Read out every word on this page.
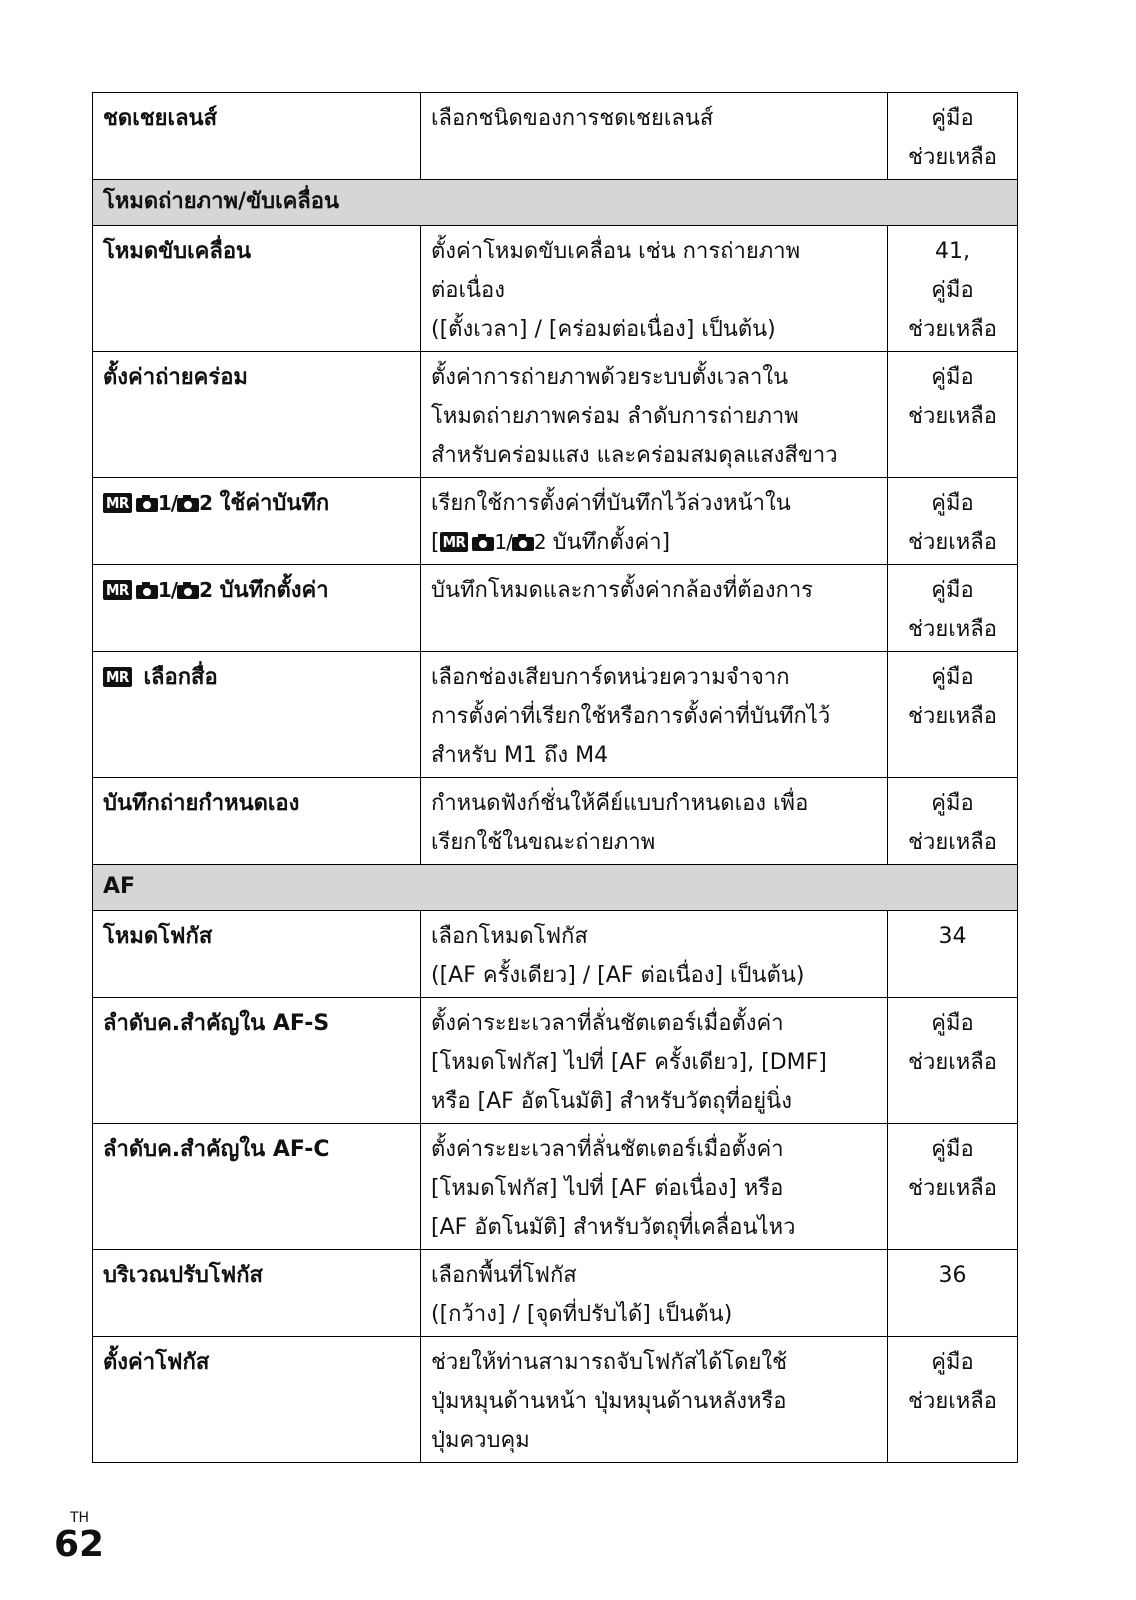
ชดเชยเลนส์	เลือกชนิดของการชดเชยเลนส์	คู่มือ
ช่วยเหลือ

โหมดถ่ายภาพ/ขับเคลื่อน		
โหมดขับเคลื่อน	ตั้งค่าโหมดขับเคลื่อน เช่น การถ่ายภาพ
ต่อเนื่อง
([ตั้งเวลา] / [คร่อมต่อเนื่อง] เป็นต้น)	41,
คู่มือ
ช่วยเหลือ

ตั้งค่าถ่ายคร่อม	ตั้งค่าการถ่ายภาพด้วยระบบตั้งเวลาใน
โหมดถ่ายภาพคร่อม ลำดับการถ่ายภาพ
สำหรับคร่อมแสง และคร่อมสมดุลแสงสีขาว	คู่มือ
ช่วยเหลือ

MR 1/ 2 ใช้ค่าบันทึก	เรียกใช้การตั้งค่าที่บันทึกไว้ล่วงหน้าใน
[ MR 1/ 2 บันทึกตั้งค่า]	คู่มือ
ช่วยเหลือ

MR 1/ 2 บันทึกตั้งค่า	บันทึกโหมดและการตั้งค่ากล้องที่ต้องการ	คู่มือ
ช่วยเหลือ

MR เลือกสื่อ	เลือกช่องเสียบการ์ดหน่วยความจำจาก
การตั้งค่าที่เรียกใช้หรือการตั้งค่าที่บันทึกไว้
สำหรับ M1 ถึง M4	คู่มือ
ช่วยเหลือ

บันทึกถ่ายกำหนดเอง	กำหนดฟังก์ชั่นให้คีย์แบบกำหนดเอง เพื่อ
เรียกใช้ในขณะถ่ายภาพ	คู่มือ
ช่วยเหลือ

AF		
โหมดโฟกัส	เลือกโหมดโฟกัส
([AF ครั้งเดียว] / [AF ต่อเนื่อง] เป็นต้น)	34

ลำดับค.สำคัญใน AF-S	ตั้งค่าระยะเวลาที่ลั่นชัตเตอร์เมื่อตั้งค่า
[โหมดโฟกัส] ไปที่ [AF ครั้งเดียว], [DMF]
หรือ [AF อัตโนมัติ] สำหรับวัตถุที่อยู่นิ่ง	คู่มือ
ช่วยเหลือ

ลำดับค.สำคัญใน AF-C	ตั้งค่าระยะเวลาที่ลั่นชัตเตอร์เมื่อตั้งค่า
[โหมดโฟกัส] ไปที่ [AF ต่อเนื่อง] หรือ
[AF อัตโนมัติ] สำหรับวัตถุที่เคลื่อนไหว	คู่มือ
ช่วยเหลือ

บริเวณปรับโฟกัส	เลือกพื้นที่โฟกัส
([กว้าง] / [จุดที่ปรับได้] เป็นต้น)	36

ตั้งค่าโฟกัส	ช่วยให้ท่านสามารถจับโฟกัสได้โดยใช้
ปุ่มหมุนด้านหน้า ปุ่มหมุนด้านหลังหรือ
ปุ่มควบคุม	คู่มือ
ช่วยเหลือ
TH
62
